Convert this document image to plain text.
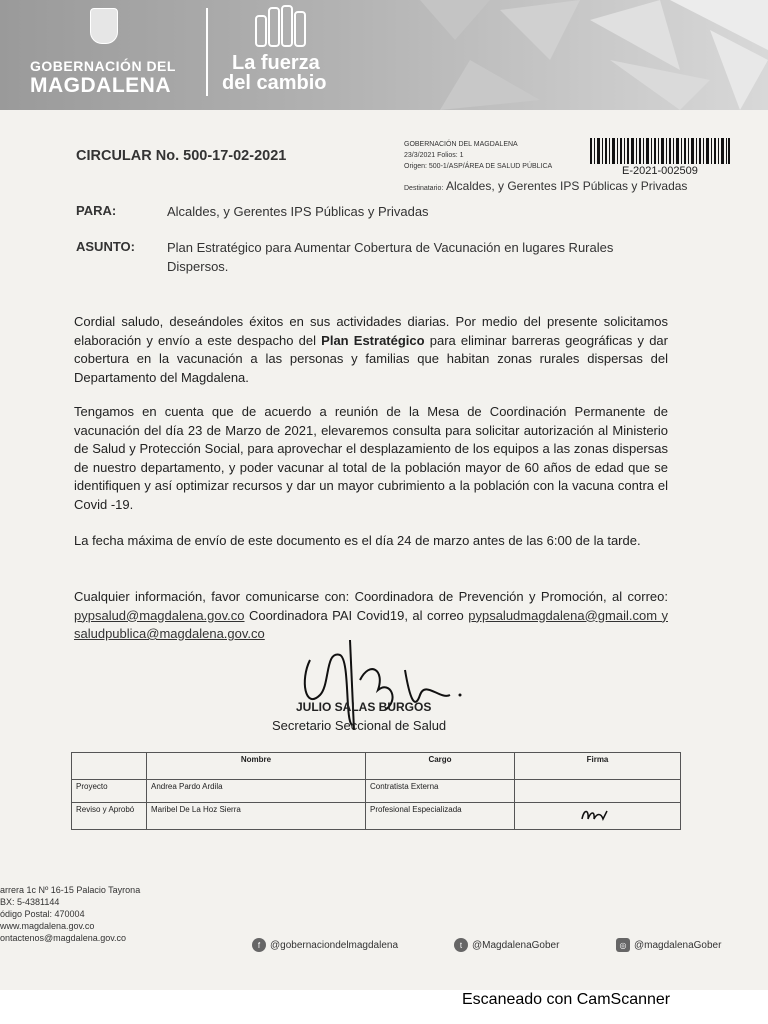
GOBERNACIÓN DEL
MAGDALENA
La fuerza
del cambio
CIRCULAR No. 500-17-02-2021
GOBERNACIÓN DEL MAGDALENA
23/3/2021 Folios: 1
Origen: 500-1/ASP/ÁREA DE SALUD PÚBLICA	E-2021-002509
Destinatario: Alcaldes, y Gerentes IPS Públicas y Privadas
PARA:	Alcaldes, y Gerentes IPS Públicas y Privadas
ASUNTO: Plan Estratégico para Aumentar Cobertura de Vacunación en lugares Rurales Dispersos.
Cordial saludo, deseándoles éxitos en sus actividades diarias. Por medio del presente solicitamos elaboración y envío a este despacho del Plan Estratégico para eliminar barreras geográficas y dar cobertura en la vacunación a las personas y familias que habitan zonas rurales dispersas del Departamento del Magdalena.
Tengamos en cuenta que de acuerdo a reunión de la Mesa de Coordinación Permanente de vacunación del día 23 de Marzo de 2021, elevaremos consulta para solicitar autorización al Ministerio de Salud y Protección Social, para aprovechar el desplazamiento de los equipos a las zonas dispersas de nuestro departamento, y poder vacunar al total de la población mayor de 60 años de edad que se identifiquen y así optimizar recursos y dar un mayor cubrimiento a la población con la vacuna contra el Covid -19.
La fecha máxima de envío de este documento es el día 24 de marzo antes de las 6:00 de la tarde.
Cualquier información, favor comunicarse con: Coordinadora de Prevención y Promoción, al correo: pypsalud@magdalena.gov.co Coordinadora PAI Covid19, al correo pypsaludmagdalena@gmail.com y saludpublica@magdalena.gov.co
JULIO SALAS BURGOS
Secretario Seccional de Salud
	Nombre	Cargo	Firma
Proyecto	Andrea Pardo Ardila	Contratista Externa	
Reviso y Aprobó	Maribel De La Hoz Sierra	Profesional Especializada	
arrera 1c Nº 16-15 Palacio Tayrona
BX: 5-4381144
ódigo Postal: 470004
www.magdalena.gov.co
ontactenos@magdalena.gov.co
f @gobernaciondelmagdalena	t @MagdalenaGober	◎ @magdalenaGober
Escaneado con CamScanner
